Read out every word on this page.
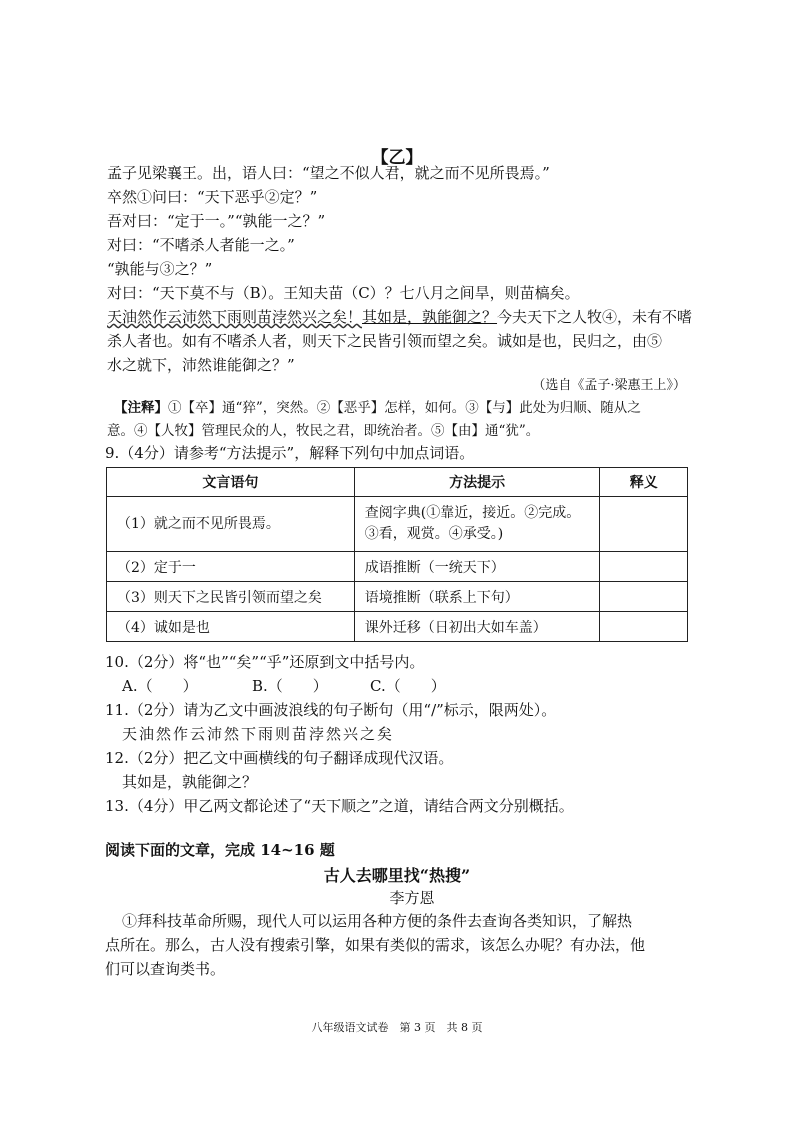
【乙】
孟子见梁襄王。出，语人曰：“望之不似人君，就之而不见所畏焉。”
卒然①问曰：“天下恶乎②定？”
吾对曰：“定于一。”“孰能一之？”
对曰：“不嗜杀人者能一之。”
“孰能与③之？”
对曰：“天下莫不与（B）。王知夫苗（C）？七八月之间旱，则苗槁矣。
天油然作云沛然下雨则苗浡然兴之矣！其如是，孰能御之？今夫天下之人牧④，未有不嗜
杀人者也。如有不嗜杀人者，则天下之民皆引领而望之矣。诚如是也，民归之，由⑤
水之就下，沛然谁能御之？”
（选自《孟子·梁惠王上》）
【注释】①【卒】通“猝”，突然。②【恶乎】怎样，如何。③【与】此处为归顺、随从之
意。④【人牧】管理民众的人，牧民之君，即统治者。⑤【由】通“犹”。
9.（4分）请参考“方法提示”，解释下列句中加点词语。
文言语句	方法提示	释义
（1）就之而不见所畏焉。	查阅字典(①靠近，接近。②完成。
③看，观赏。④承受。)	

（2）定于一	成语推断（一统天下）	
（3）则天下之民皆引领而望之矣	语境推断（联系上下句）	
（4）诚如是也	课外迁移（日初出大如车盖）	
10.（2分）将“也”“矣”“乎”还原到文中括号内。
A.（　　）	B.（　　）	C.（　　）
11.（2分）请为乙文中画波浪线的句子断句（用“/”标示，限两处）。
天油然作云沛然下雨则苗浡然兴之矣
12.（2分）把乙文中画横线的句子翻译成现代汉语。
其如是，孰能御之？
13.（4分）甲乙两文都论述了“天下顺之”之道，请结合两文分别概括。
阅读下面的文章，完成 14~16 题
古人去哪里找“热搜”
李方恩
①拜科技革命所赐，现代人可以运用各种方便的条件去查询各类知识，了解热
点所在。那么，古人没有搜索引擎，如果有类似的需求，该怎么办呢？有办法，他
们可以查询类书。
八年级语文试卷　第 3 页　共 8 页
